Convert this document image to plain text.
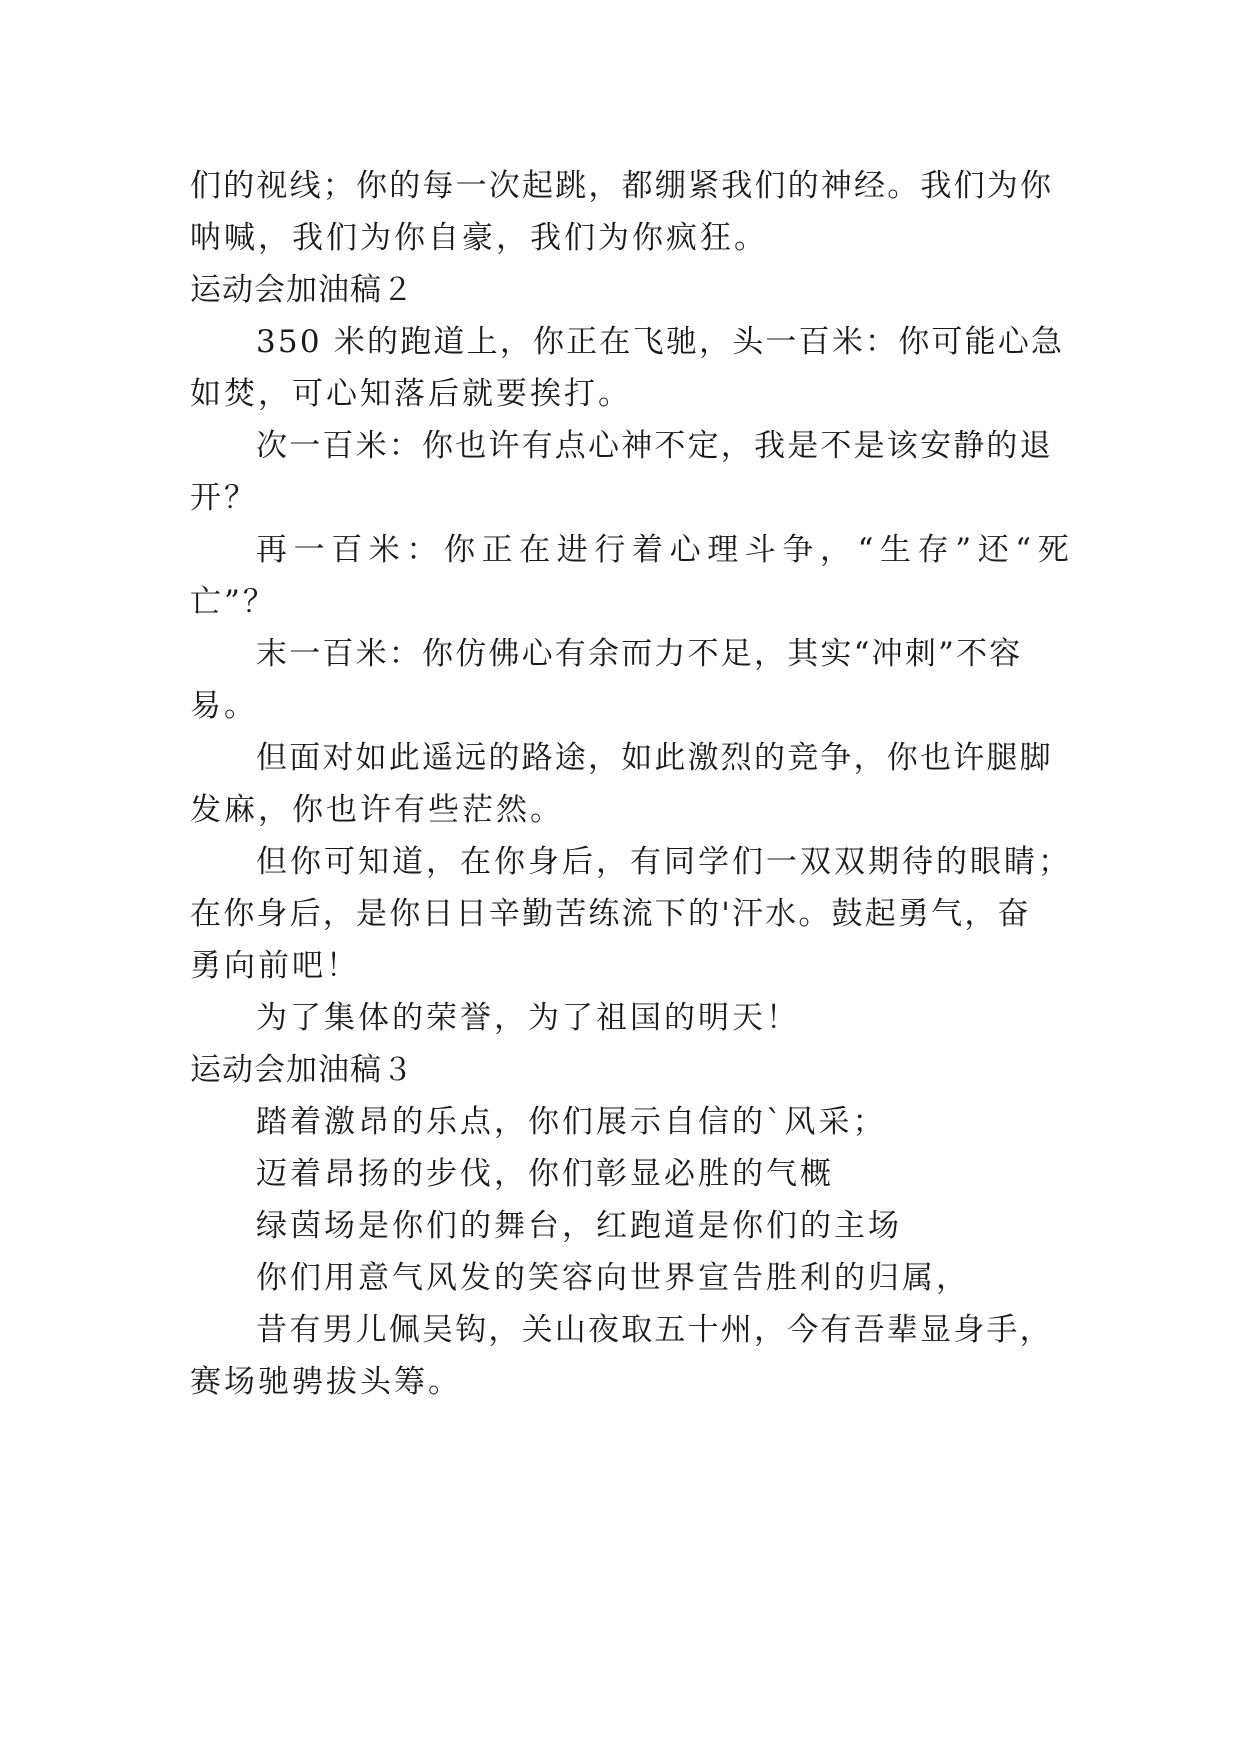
们的视线；你的每一次起跳，都绷紧我们的神经。我们为你
呐喊，我们为你自豪，我们为你疯狂。
运动会加油稿２
350 米的跑道上，你正在飞驰，头一百米：你可能心急
如焚，可心知落后就要挨打。
次一百米：你也许有点心神不定，我是不是该安静的退
开？
再一百米：你正在进行着心理斗争，“生存”还“死
亡”？
末一百米：你仿佛心有余而力不足，其实“冲刺”不容
易。
但面对如此遥远的路途，如此激烈的竞争，你也许腿脚
发麻，你也许有些茫然。
但你可知道，在你身后，有同学们一双双期待的眼睛；
在你身后，是你日日辛勤苦练流下的'汗水。鼓起勇气，奋
勇向前吧！
为了集体的荣誉，为了祖国的明天！
运动会加油稿３
踏着激昂的乐点，你们展示自信的`风采；
迈着昂扬的步伐，你们彰显必胜的气概
绿茵场是你们的舞台，红跑道是你们的主场
你们用意气风发的笑容向世界宣告胜利的归属，
昔有男儿佩吴钩，关山夜取五十州，今有吾辈显身手，
赛场驰骋拔头筹。
